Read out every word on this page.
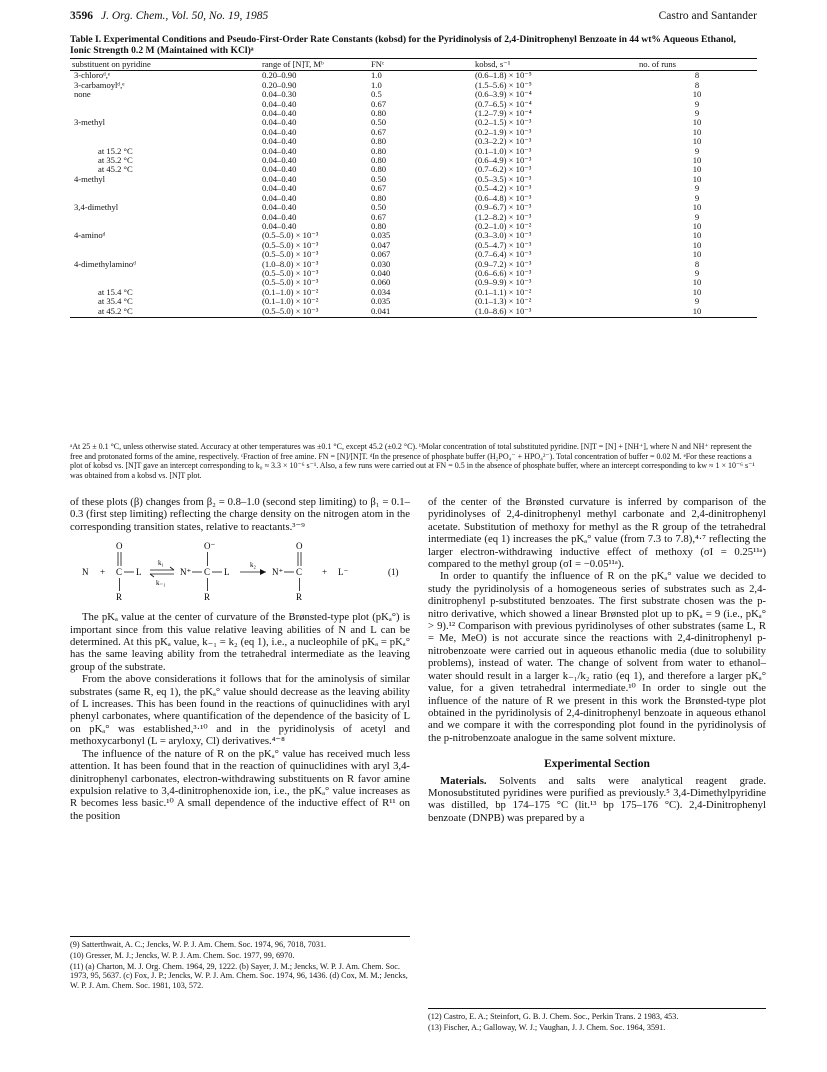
3596 J. Org. Chem., Vol. 50, No. 19, 1985	Castro and Santander
Table I. Experimental Conditions and Pseudo-First-Order Rate Constants (kobsd) for the Pyridinolysis of 2,4-Dinitrophenyl Benzoate in 44 wt% Aqueous Ethanol, Ionic Strength 0.2 M (Maintained with KCl)ᵃ
substituent on pyridine	range of [N]T, Mᵇ	FNᶜ	kobsd, s⁻¹	no. of runs
3-chloroᵈ,ᵉ	0.20–0.90	1.0	(0.6–1.8) × 10⁻⁵	8
3-carbamoylᵈ,ᵉ	0.20–0.90	1.0	(1.5–5.6) × 10⁻⁵	8
none	0.04–0.30	0.5	(0.6–3.9) × 10⁻⁴	10
	0.04–0.40	0.67	(0.7–6.5) × 10⁻⁴	9
	0.04–0.40	0.80	(1.2–7.9) × 10⁻⁴	9
3-methyl	0.04–0.40	0.50	(0.2–1.5) × 10⁻³	10
	0.04–0.40	0.67	(0.2–1.9) × 10⁻³	10
	0.04–0.40	0.80	(0.3–2.2) × 10⁻³	10
at 15.2 °C	0.04–0.40	0.80	(0.1–1.0) × 10⁻³	9
at 35.2 °C	0.04–0.40	0.80	(0.6–4.9) × 10⁻³	10
at 45.2 °C	0.04–0.40	0.80	(0.7–6.2) × 10⁻³	10
4-methyl	0.04–0.40	0.50	(0.5–3.5) × 10⁻³	10
	0.04–0.40	0.67	(0.5–4.2) × 10⁻³	9
	0.04–0.40	0.80	(0.6–4.8) × 10⁻³	9
3,4-dimethyl	0.04–0.40	0.50	(0.9–6.7) × 10⁻³	10
	0.04–0.40	0.67	(1.2–8.2) × 10⁻³	9
	0.04–0.40	0.80	(0.2–1.0) × 10⁻²	10
4-aminoᵈ	(0.5–5.0) × 10⁻³	0.035	(0.3–3.0) × 10⁻³	10
	(0.5–5.0) × 10⁻³	0.047	(0.5–4.7) × 10⁻³	10
	(0.5–5.0) × 10⁻³	0.067	(0.7–6.4) × 10⁻³	10
4-dimethylaminoᵈ	(1.0–8.0) × 10⁻³	0.030	(0.9–7.2) × 10⁻³	8
	(0.5–5.0) × 10⁻³	0.040	(0.6–6.6) × 10⁻³	9
	(0.5–5.0) × 10⁻³	0.060	(0.9–9.9) × 10⁻³	10
at 15.4 °C	(0.1–1.0) × 10⁻²	0.034	(0.1–1.1) × 10⁻²	10
at 35.4 °C	(0.1–1.0) × 10⁻²	0.035	(0.1–1.3) × 10⁻²	9
at 45.2 °C	(0.5–5.0) × 10⁻³	0.041	(1.0–8.6) × 10⁻³	10

ᵃAt 25 ± 0.1 °C, unless otherwise stated. Accuracy at other temperatures was ±0.1 °C, except 45.2 (±0.2 °C). ᵇMolar concentration of total substituted pyridine. [N]T = [N] + [NH⁺], where N and NH⁺ represent the free and protonated forms of the amine, respectively. ᶜFraction of free amine. FN = [N]/[N]T. ᵈIn the presence of phosphate buffer (H₂PO₄⁻ + HPO₄²⁻). Total concentration of buffer = 0.02 M. ᵉFor these reactions a plot of kobsd vs. [N]T gave an intercept corresponding to k₀ ≈ 3.3 × 10⁻⁶ s⁻¹. Also, a few runs were carried out at FN = 0.5 in the absence of phosphate buffer, where an intercept corresponding to kw ≈ 1 × 10⁻⁶ s⁻¹ was obtained from a kobsd vs. [N]T plot.

of these plots (β) changes from β₂ = 0.8–1.0 (second step limiting) to β₁ = 0.1–0.3 (first step limiting) reflecting the charge density on the nitrogen atom in the corresponding transition states, relative to reactants.³⁻⁹

N + C L
O
R
k₁
k₋₁
N⁺ C L
O⁻
R
k₂
N⁺ C
O
R
+ L⁻	(1)

The pKₐ value at the center of curvature of the Brønsted-type plot (pKₐ°) is important since from this value relative leaving abilities of N and L can be determined. At this pKₐ value, k₋₁ = k₂ (eq 1), i.e., a nucleophile of pKₐ = pKₐ° has the same leaving ability from the tetrahedral intermediate as the leaving group of the substrate.

From the above considerations it follows that for the aminolysis of similar substrates (same R, eq 1), the pKₐ° value should decrease as the leaving ability of L increases. This has been found in the reactions of quinuclidines with aryl phenyl carbonates, where quantification of the dependence of the basicity of L on pKₐ° was established,³·¹⁰ and in the pyridinolysis of acetyl and methoxycarbonyl (L = aryloxy, Cl) derivatives.⁴⁻⁸

The influence of the nature of R on the pKₐ° value has received much less attention. It has been found that in the reaction of quinuclidines with aryl 3,4-dinitrophenyl carbonates, electron-withdrawing substituents on R favor amine expulsion relative to 3,4-dinitrophenoxide ion, i.e., the pKₐ° value increases as R becomes less basic.¹⁰ A small dependence of the inductive effect of R¹¹ on the position

of the center of the Brønsted curvature is inferred by comparison of the pyridinolyses of 2,4-dinitrophenyl methyl carbonate and 2,4-dinitrophenyl acetate. Substitution of methoxy for methyl as the R group of the tetrahedral intermediate (eq 1) increases the pKₐ° value (from 7.3 to 7.8),⁴·⁷ reflecting the larger electron-withdrawing inductive effect of methoxy (σI = 0.25¹¹ᵃ) compared to the methyl group (σI = −0.05¹¹ᵃ).

In order to quantify the influence of R on the pKₐ° value we decided to study the pyridinolysis of a homogeneous series of substrates such as 2,4-dinitrophenyl p-substituted benzoates. The first substrate chosen was the p-nitro derivative, which showed a linear Brønsted plot up to pKₐ = 9 (i.e., pKₐ° > 9).¹² Comparison with previous pyridinolyses of other substrates (same L, R = Me, MeO) is not accurate since the reactions with 2,4-dinitrophenyl p-nitrobenzoate were carried out in aqueous ethanolic media (due to solubility problems), instead of water. The change of solvent from water to ethanol–water should result in a larger k₋₁/k₂ ratio (eq 1), and therefore a larger pKₐ° value, for a given tetrahedral intermediate.¹⁰ In order to single out the influence of the nature of R we present in this work the Brønsted-type plot obtained in the pyridinolysis of 2,4-dinitrophenyl benzoate in aqueous ethanol and we compare it with the corresponding plot found in the pyridinolysis of the p-nitrobenzoate analogue in the same solvent mixture.

Experimental Section

Materials. Solvents and salts were analytical reagent grade. Monosubstituted pyridines were purified as previously.⁵ 3,4-Dimethylpyridine was distilled, bp 174–175 °C (lit.¹³ bp 175–176 °C). 2,4-Dinitrophenyl benzoate (DNPB) was prepared by a

(9) Satterthwait, A. C.; Jencks, W. P. J. Am. Chem. Soc. 1974, 96, 7018, 7031.

(10) Gresser, M. J.; Jencks, W. P. J. Am. Chem. Soc. 1977, 99, 6970.

(11) (a) Charton, M. J. Org. Chem. 1964, 29, 1222. (b) Sayer, J. M.; Jencks, W. P. J. Am. Chem. Soc. 1973, 95, 5637. (c) Fox, J. P.; Jencks, W. P. J. Am. Chem. Soc. 1974, 96, 1436. (d) Cox, M. M.; Jencks, W. P. J. Am. Chem. Soc. 1981, 103, 572.

(12) Castro, E. A.; Steinfort, G. B. J. Chem. Soc., Perkin Trans. 2 1983, 453.

(13) Fischer, A.; Galloway, W. J.; Vaughan, J. J. Chem. Soc. 1964, 3591.
